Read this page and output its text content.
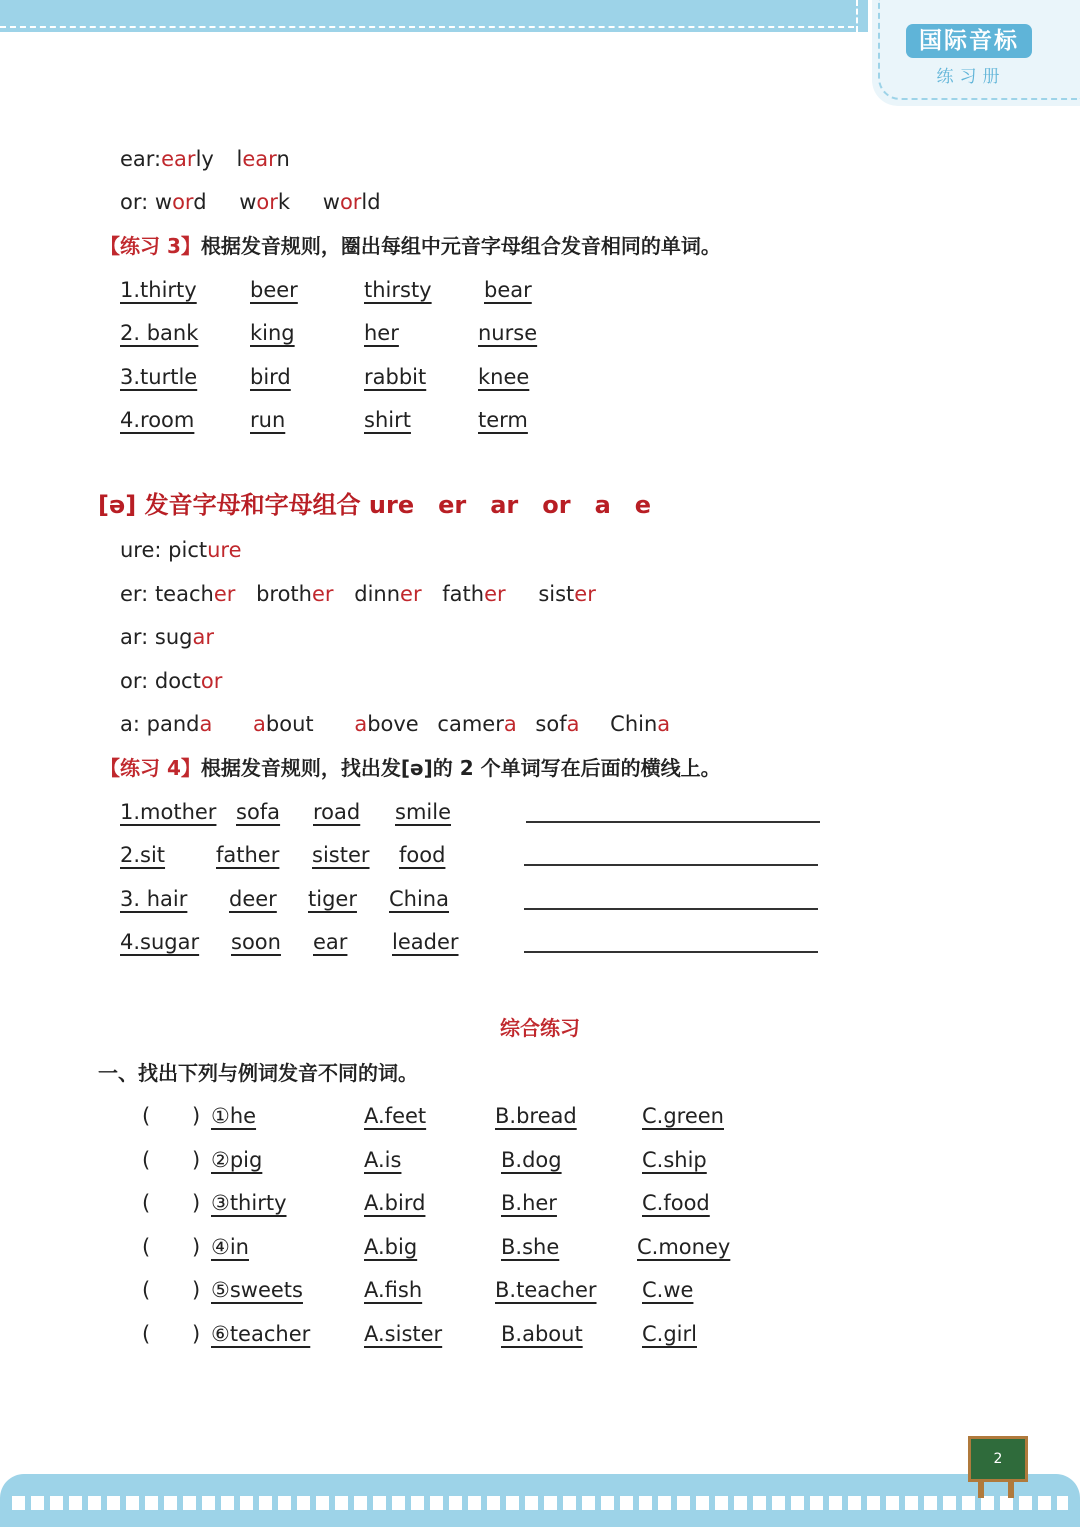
国际音标
练习册
ear:early learn
or: word work world
【练习 3】根据发音规则，圈出每组中元音字母组合发音相同的单词。
1.thirty	beer	thirsty bear
2. bank king	her	nurse
3.turtle	bird	rabbit knee
4.room	run	shirt	term
[ə] 发音字母和字母组合 ure　er　ar　or　a　e
ure: picture
er: teacher brother dinner father sister
ar: sugar
or: doctor
a: panda about above camera sofa China
【练习 4】根据发音规则，找出发[ə]的 2 个单词写在后面的横线上。
1.mother sofa road smile
2.sit father sister food
3. hair deer tiger China
4.sugar soon ear leader
综合练习
一、找出下列与例词发音不同的词。
( ) ①he	A.feet	B.bread	C.green
( ) ②pig	A.is	B.dog	C.ship
( ) ③thirty	A.bird	B.her	C.food
( ) ④in	A.big	B.she	C.money
( ) ⑤sweets	A.fish	B.teacher C.we
( ) ⑥teacher	A.sister	B.about	C.girl
2
